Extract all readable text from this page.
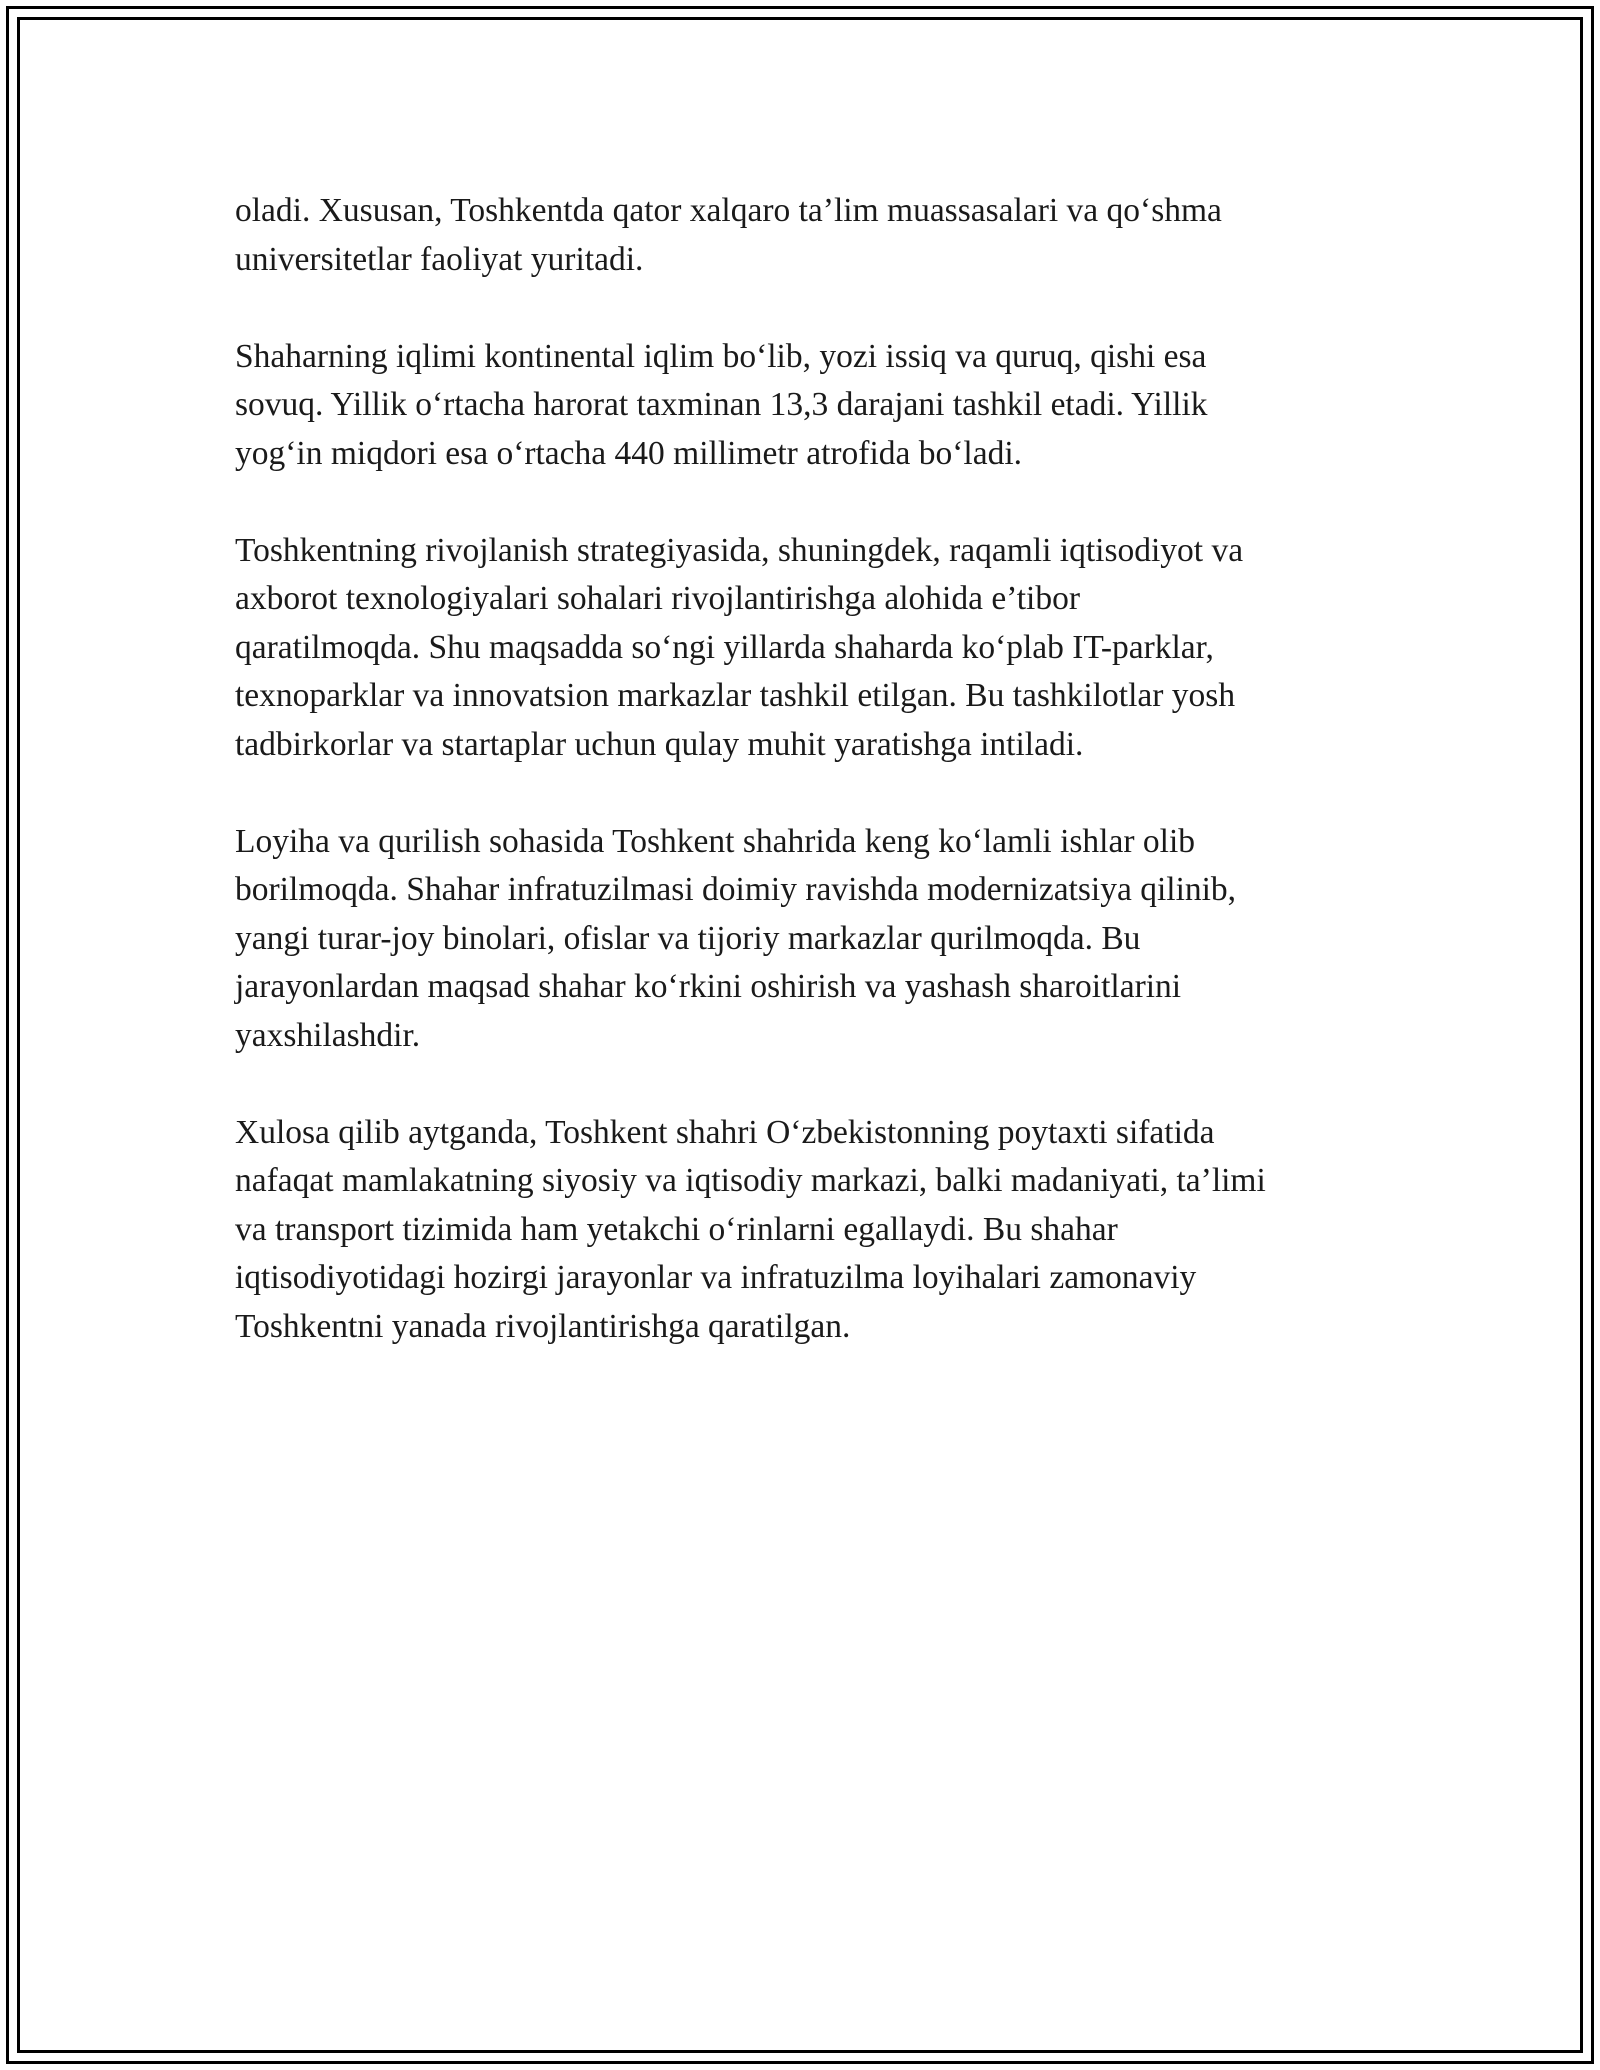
oladi. Xususan, Toshkentda qator xalqaro ta’lim muassasalari va qo‘shma
universitetlar faoliyat yuritadi.

Shaharning iqlimi kontinental iqlim bo‘lib, yozi issiq va quruq, qishi esa
sovuq. Yillik o‘rtacha harorat taxminan 13,3 darajani tashkil etadi. Yillik
yog‘in miqdori esa o‘rtacha 440 millimetr atrofida bo‘ladi.

Toshkentning rivojlanish strategiyasida, shuningdek, raqamli iqtisodiyot va
axborot texnologiyalari sohalari rivojlantirishga alohida e’tibor
qaratilmoqda. Shu maqsadda so‘ngi yillarda shaharda ko‘plab IT-parklar,
texnoparklar va innovatsion markazlar tashkil etilgan. Bu tashkilotlar yosh
tadbirkorlar va startaplar uchun qulay muhit yaratishga intiladi.

Loyiha va qurilish sohasida Toshkent shahrida keng ko‘lamli ishlar olib
borilmoqda. Shahar infratuzilmasi doimiy ravishda modernizatsiya qilinib,
yangi turar-joy binolari, ofislar va tijoriy markazlar qurilmoqda. Bu
jarayonlardan maqsad shahar ko‘rkini oshirish va yashash sharoitlarini
yaxshilashdir.

Xulosa qilib aytganda, Toshkent shahri O‘zbekistonning poytaxti sifatida
nafaqat mamlakatning siyosiy va iqtisodiy markazi, balki madaniyati, ta’limi
va transport tizimida ham yetakchi o‘rinlarni egallaydi. Bu shahar
iqtisodiyotidagi hozirgi jarayonlar va infratuzilma loyihalari zamonaviy
Toshkentni yanada rivojlantirishga qaratilgan.
